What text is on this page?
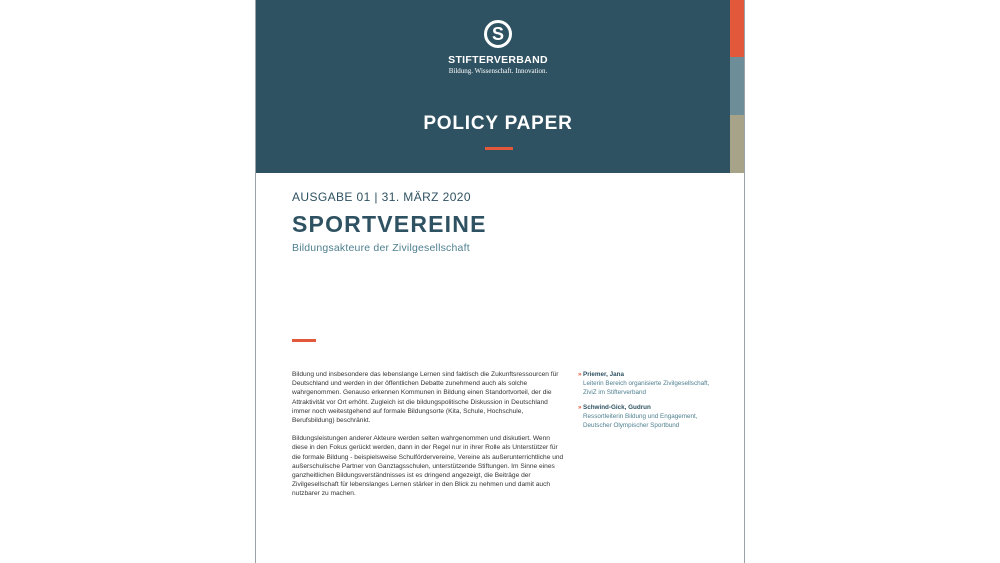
S
STIFTERVERBAND
Bildung. Wissenschaft. Innovation.
POLICY PAPER
AUSGABE 01 | 31. MÄRZ 2020
SPORTVEREINE
Bildungsakteure der Zivilgesellschaft

Bildung und insbesondere das lebenslange Lernen sind faktisch die Zukunftsressourcen für Deutschland und werden in der öffentlichen Debatte zunehmend auch als solche wahrgenommen. Genauso erkennen Kommunen in Bildung einen Standortvorteil, der die Attraktivität vor Ort erhöht. Zugleich ist die bildungspolitische Diskussion in Deutschland immer noch weitestgehend auf formale Bildungsorte (Kita, Schule, Hochschule, Berufsbildung) beschränkt.

Bildungsleistungen anderer Akteure werden selten wahrgenommen und diskutiert. Wenn diese in den Fokus gerückt werden, dann in der Regel nur in ihrer Rolle als Unterstützer für die formale Bildung - beispielsweise Schulfördervereine, Vereine als außerunterrichtliche und außerschulische Partner von Ganztagsschulen, unterstützende Stiftungen. Im Sinne eines ganzheitlichen Bildungsverständnisses ist es dringend angezeigt, die Beiträge der Zivilgesellschaft für lebenslanges Lernen stärker in den Blick zu nehmen und damit auch nutzbarer zu machen.

» Priemer, Jana
Leiterin Bereich organisierte Zivilgesellschaft, ZiviZ im Stifterverband
» Schwind-Gick, Gudrun
Ressortleiterin Bildung und Engagement, Deutscher Olympischer Sportbund
